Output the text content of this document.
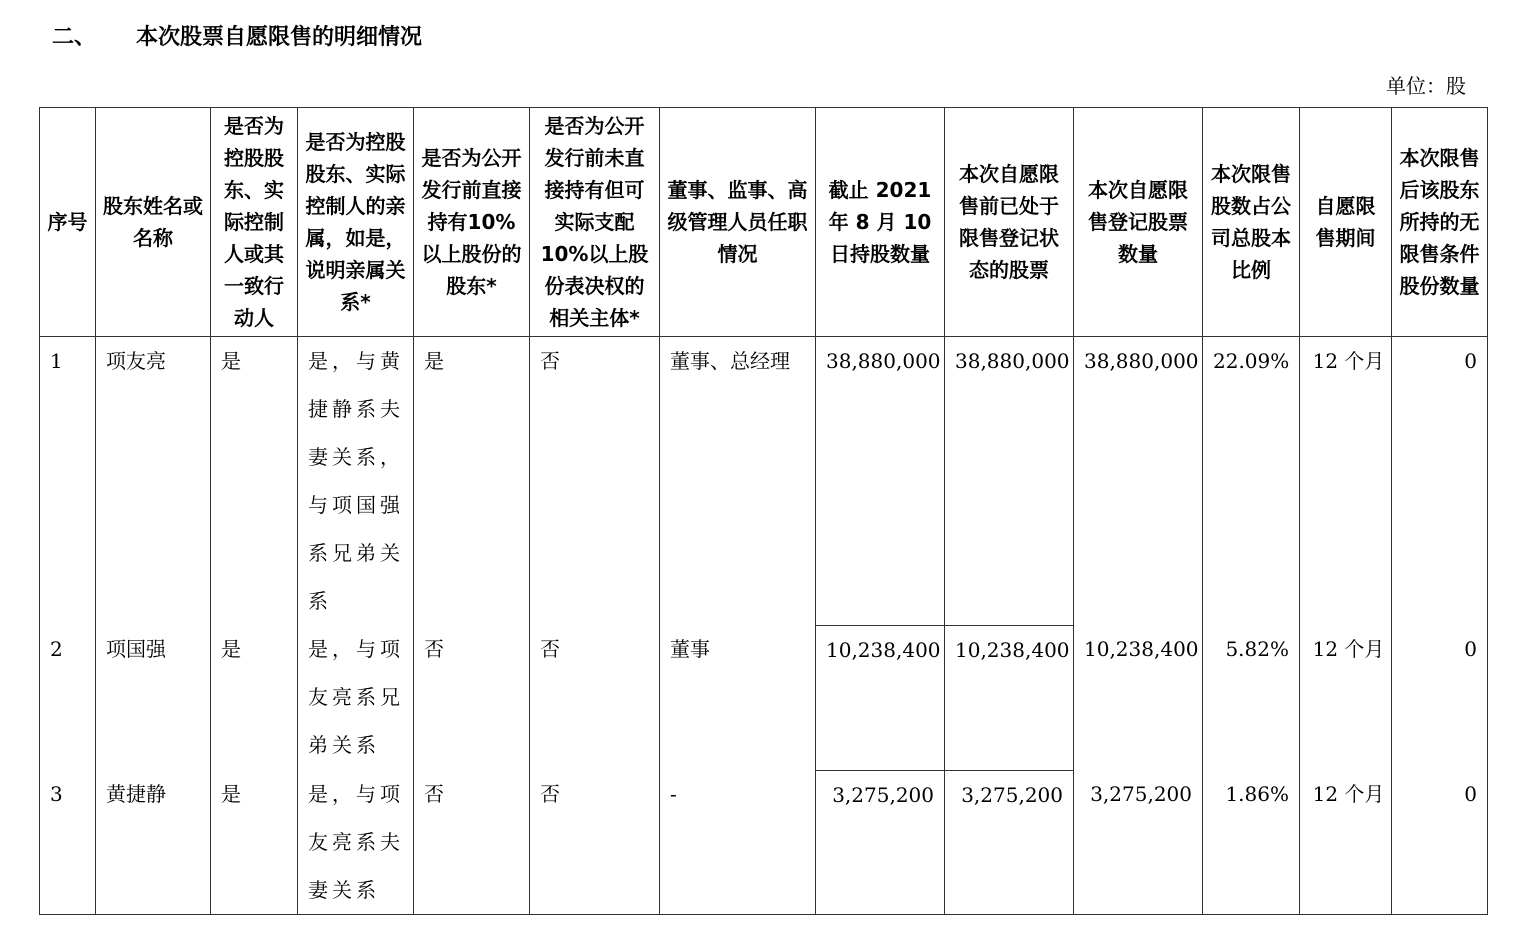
二、 本次股票自愿限售的明细情况
单位：股
序号	股东姓名或名称	是否为控股股东、实际控制人或其一致行动人	是否为控股股东、实际控制人的亲属，如是，说明亲属关系*	是否为公开发行前直接持有10%以上股份的股东*	是否为公开发行前未直接持有但可实际支配10%以上股份表决权的相关主体*	董事、监事、高级管理人员任职情况	截止 2021年 8 月 10日持股数量	本次自愿限售前已处于限售登记状态的股票	本次自愿限售登记股票数量	本次限售股数占公司总股本比例	自愿限售期间	本次限售后该股东所持的无限售条件股份数量
1	项友亮	是	是，与黄捷静系夫妻关系，与项国强系兄弟关系	是	否	董事、总经理	38,880,000	38,880,000	38,880,000	22.09%	12 个月	0
2	项国强	是	是，与项友亮系兄弟关系	否	否	董事	10,238,400	10,238,400	10,238,400	5.82%	12 个月	0
3	黄捷静	是	是，与项友亮系夫妻关系	否	否	-	3,275,200	3,275,200	3,275,200	1.86%	12 个月	0
